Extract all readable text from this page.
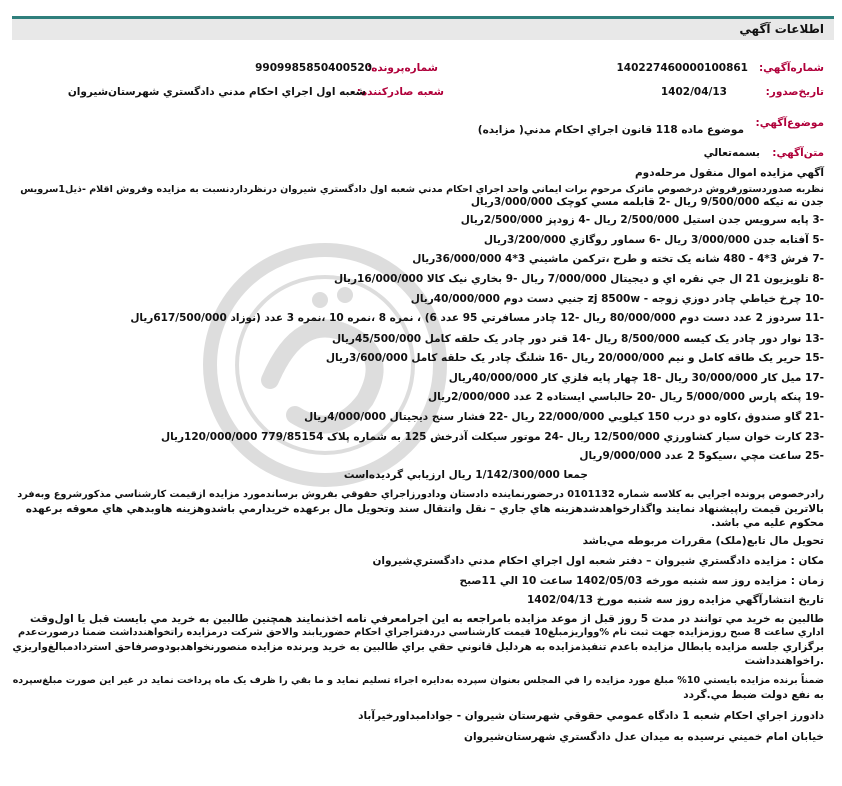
اطلاعات آگهي
شماره‌آگهي:
140227460000100861
شماره‌پرونده:
9909985850400520
تاريخ‌صدور:
1402/04/13
شعبه صادر‌کننده:
شعبه اول اجراي احکام مدني دادگستري شهرستان‌شيروان
موضوع‌آگهي:
موضوع ماده 118 قانون اجراي احکام مدني( مزايده)
متن‌آگهي:
بسمه‌تعالي
آگهي مزايده اموال منقول مرحله‌دوم
نظربه صدوردستورفروش درخصوص ماترک مرحوم برات ايماني واحد اجراي احکام مدني شعبه اول دادگستري شيروان درنظرداردنسبت به مزايده وفروش اقلام -ذيل1سرويس
جدن نه تيکه 9/500/000 ريال -2 قابلمه مسي کوچک 3/000/000ريال
-3 پايه سرويس جدن استيل 2/500/000 ريال -4 زودپز 2/500/000ريال
-5 آفتابه جدن 3/000/000 ريال -6 سماور روگازي 3/200/000ريال
-7 فرش 3*4 - 480 شانه يک تخته و طرح ،ترکمن ماشيني 3*4 36/000/000ريال
-8 تلويزيون 21 ال جي نقره اي و ديجيتال 7/000/000 ريال -9 بخاري نيک کالا 16/000/000ريال
-10 چرخ خياطي چادر دوزي زوجه - zj 8500w جنيي دست دوم 40/000/000ريال
-11 سردوز 2 عدد دست دوم 80/000/000 ريال -12 چادر مسافرتي 95 عدد 6) ، نمره 8 ،نمره 10 ،نمره 3 عدد (نوزاد 617/500/000ريال
-13 نوار دور چادر يک کيسه 8/500/000 ريال -14 قنر دور چادر يک حلقه کامل 45/500/000ريال
-15 حرير يک طاقه کامل و نيم 20/000/000 ريال -16 شلنگ چادر يک حلقه کامل 3/600/000ريال
-17 ميل کار 30/000/000 ريال -18 چهار پايه فلزي کار 40/000/000ريال
-19 پنکه پارس 5/000/000 ريال -20 حالباسي ايستاده 2 عدد 2/000/000ريال
-21 گاو صندوق ،کاوه دو درب 150 کيلويي 22/000/000 ريال -22 فشار سنج ديجيتال 4/000/000ريال
-23 کارت خوان سيار کشاورزي 12/500/000 ريال -24 موتور سيکلت آذرخش 125 به شماره پلاک 779/85154 120/000/000ريال
-25 ساعت مچي ،سيکو5 2 عدد 9/000/000ريال
جمعا 1/142/300/000 ريال ارزيابي گرديده‌است
رادرخصوص پرونده اجرايي به کلاسه شماره 0101132 درحضورنماينده دادستان ودادورزاجراي حقوقي بفروش برساندمورد مزايده ازقيمت کارشناسي مذکورشروع وبه‌فرد
بالاترين قيمت راپيشنهاد نمايند واگذارخواهدشدهزينه هاي جاري – نقل وانتقال سند وتحويل مال برعهده خريدارمي باشدوهزينه هاوبدهي هاي معوقه برعهده
محکوم عليه مي باشد.
تحويل مال تابع(ملک) مقررات مربوطه مي‌باشد
مکان : مزايده دادگستري شيروان – دفتر شعبه اول اجراي احکام مدني دادگستري‌شيروان
زمان : مزايده روز سه شنبه مورخه 1402/05/03 ساعت 10 الي 11صبح
تاريخ انتشارآگهي مزايده روز سه شنبه مورخ 1402/04/13
طالبين به خريد مي توانند در مدت 5 روز قبل از موعد مزايده بامراجعه به اين اجرامعرفي نامه اخذنمايند همچنين طالبين به خريد مي بايست قبل يا اول‌وقت
اداري ساعت 8 صبح روزمزايده جهت ثبت نام %وواريزمبلغ10 قيمت کارشناسي دردفتراجراي احکام حضوريابند والاحق شرکت درمزايده راتخواهندداشت ضمنا درصورت‌عدم
برگزاري جلسه مزايده يابطال مزايده باعدم تنفيذمزايده به هردليل قانوني حقي براي طالبين به خريد وبرنده مزايده منصورنخواهدبودوصرفاحق استردادمبالغ‌واريزي
.راخواهندداشت
ضمناً برنده مزايده بايستي 10% مبلغ مورد مزايده را في المجلس بعنوان سپرده به‌دايره اجراء تسليم نمايد و ما بقي را ظرف يک ماه پرداخت نمايد در غير اين صورت مبلغ‌سپرده
به نفع دولت ضبط مي.گردد
دادورز اجراي احکام شعبه 1 دادگاه عمومي حقوقي شهرستان شيروان - جوادامبداورخيرآباد
خيابان امام خميني نرسيده به ميدان عدل دادگستري شهرستان‌شيروان
